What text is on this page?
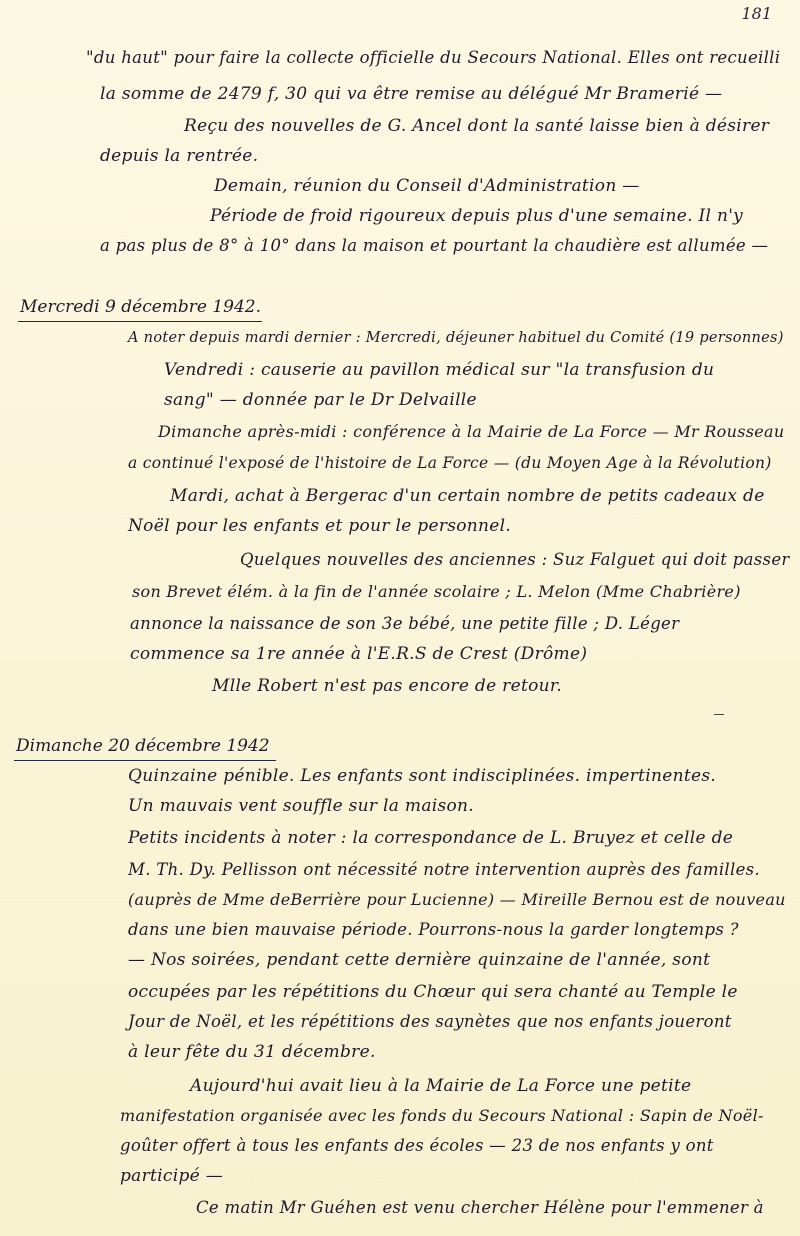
181
"du haut" pour faire la collecte officielle du Secours National. Elles ont recueilli
la somme de 2479 f, 30 qui va être remise au délégué Mr Bramerié —
Reçu des nouvelles de G. Ancel dont la santé laisse bien à désirer
depuis la rentrée.
Demain, réunion du Conseil d'Administration —
Période de froid rigoureux depuis plus d'une semaine. Il n'y
a pas plus de 8° à 10° dans la maison et pourtant la chaudière est allumée —
Mercredi 9 décembre 1942.
A noter depuis mardi dernier : Mercredi, déjeuner habituel du Comité (19 personnes)
Vendredi : causerie au pavillon médical sur "la transfusion du
sang" — donnée par le Dr Delvaille
Dimanche après-midi : conférence à la Mairie de La Force — Mr Rousseau
a continué l'exposé de l'histoire de La Force — (du Moyen Age à la Révolution)
Mardi, achat à Bergerac d'un certain nombre de petits cadeaux de
Noël pour les enfants et pour le personnel.
Quelques nouvelles des anciennes : Suz Falguet qui doit passer
son Brevet élém. à la fin de l'année scolaire ; L. Melon (Mme Chabrière)
annonce la naissance de son 3e bébé, une petite fille ; D. Léger
commence sa 1re année à l'E.R.S de Crest (Drôme)
Mlle Robert n'est pas encore de retour.
Dimanche 20 décembre 1942
Quinzaine pénible. Les enfants sont indisciplinées. impertinentes.
Un mauvais vent souffle sur la maison.
Petits incidents à noter : la correspondance de L. Bruyez et celle de
M. Th. Dy. Pellisson ont nécessité notre intervention auprès des familles.
(auprès de Mme deBerrière pour Lucienne) — Mireille Bernou est de nouveau
dans une bien mauvaise période. Pourrons-nous la garder longtemps ?
— Nos soirées, pendant cette dernière quinzaine de l'année, sont
occupées par les répétitions du Chœur qui sera chanté au Temple le
Jour de Noël, et les répétitions des saynètes que nos enfants joueront
à leur fête du 31 décembre.
Aujourd'hui avait lieu à la Mairie de La Force une petite
manifestation organisée avec les fonds du Secours National : Sapin de Noël-
goûter offert à tous les enfants des écoles — 23 de nos enfants y ont
participé —
Ce matin Mr Guéhen est venu chercher Hélène pour l'emmener à
